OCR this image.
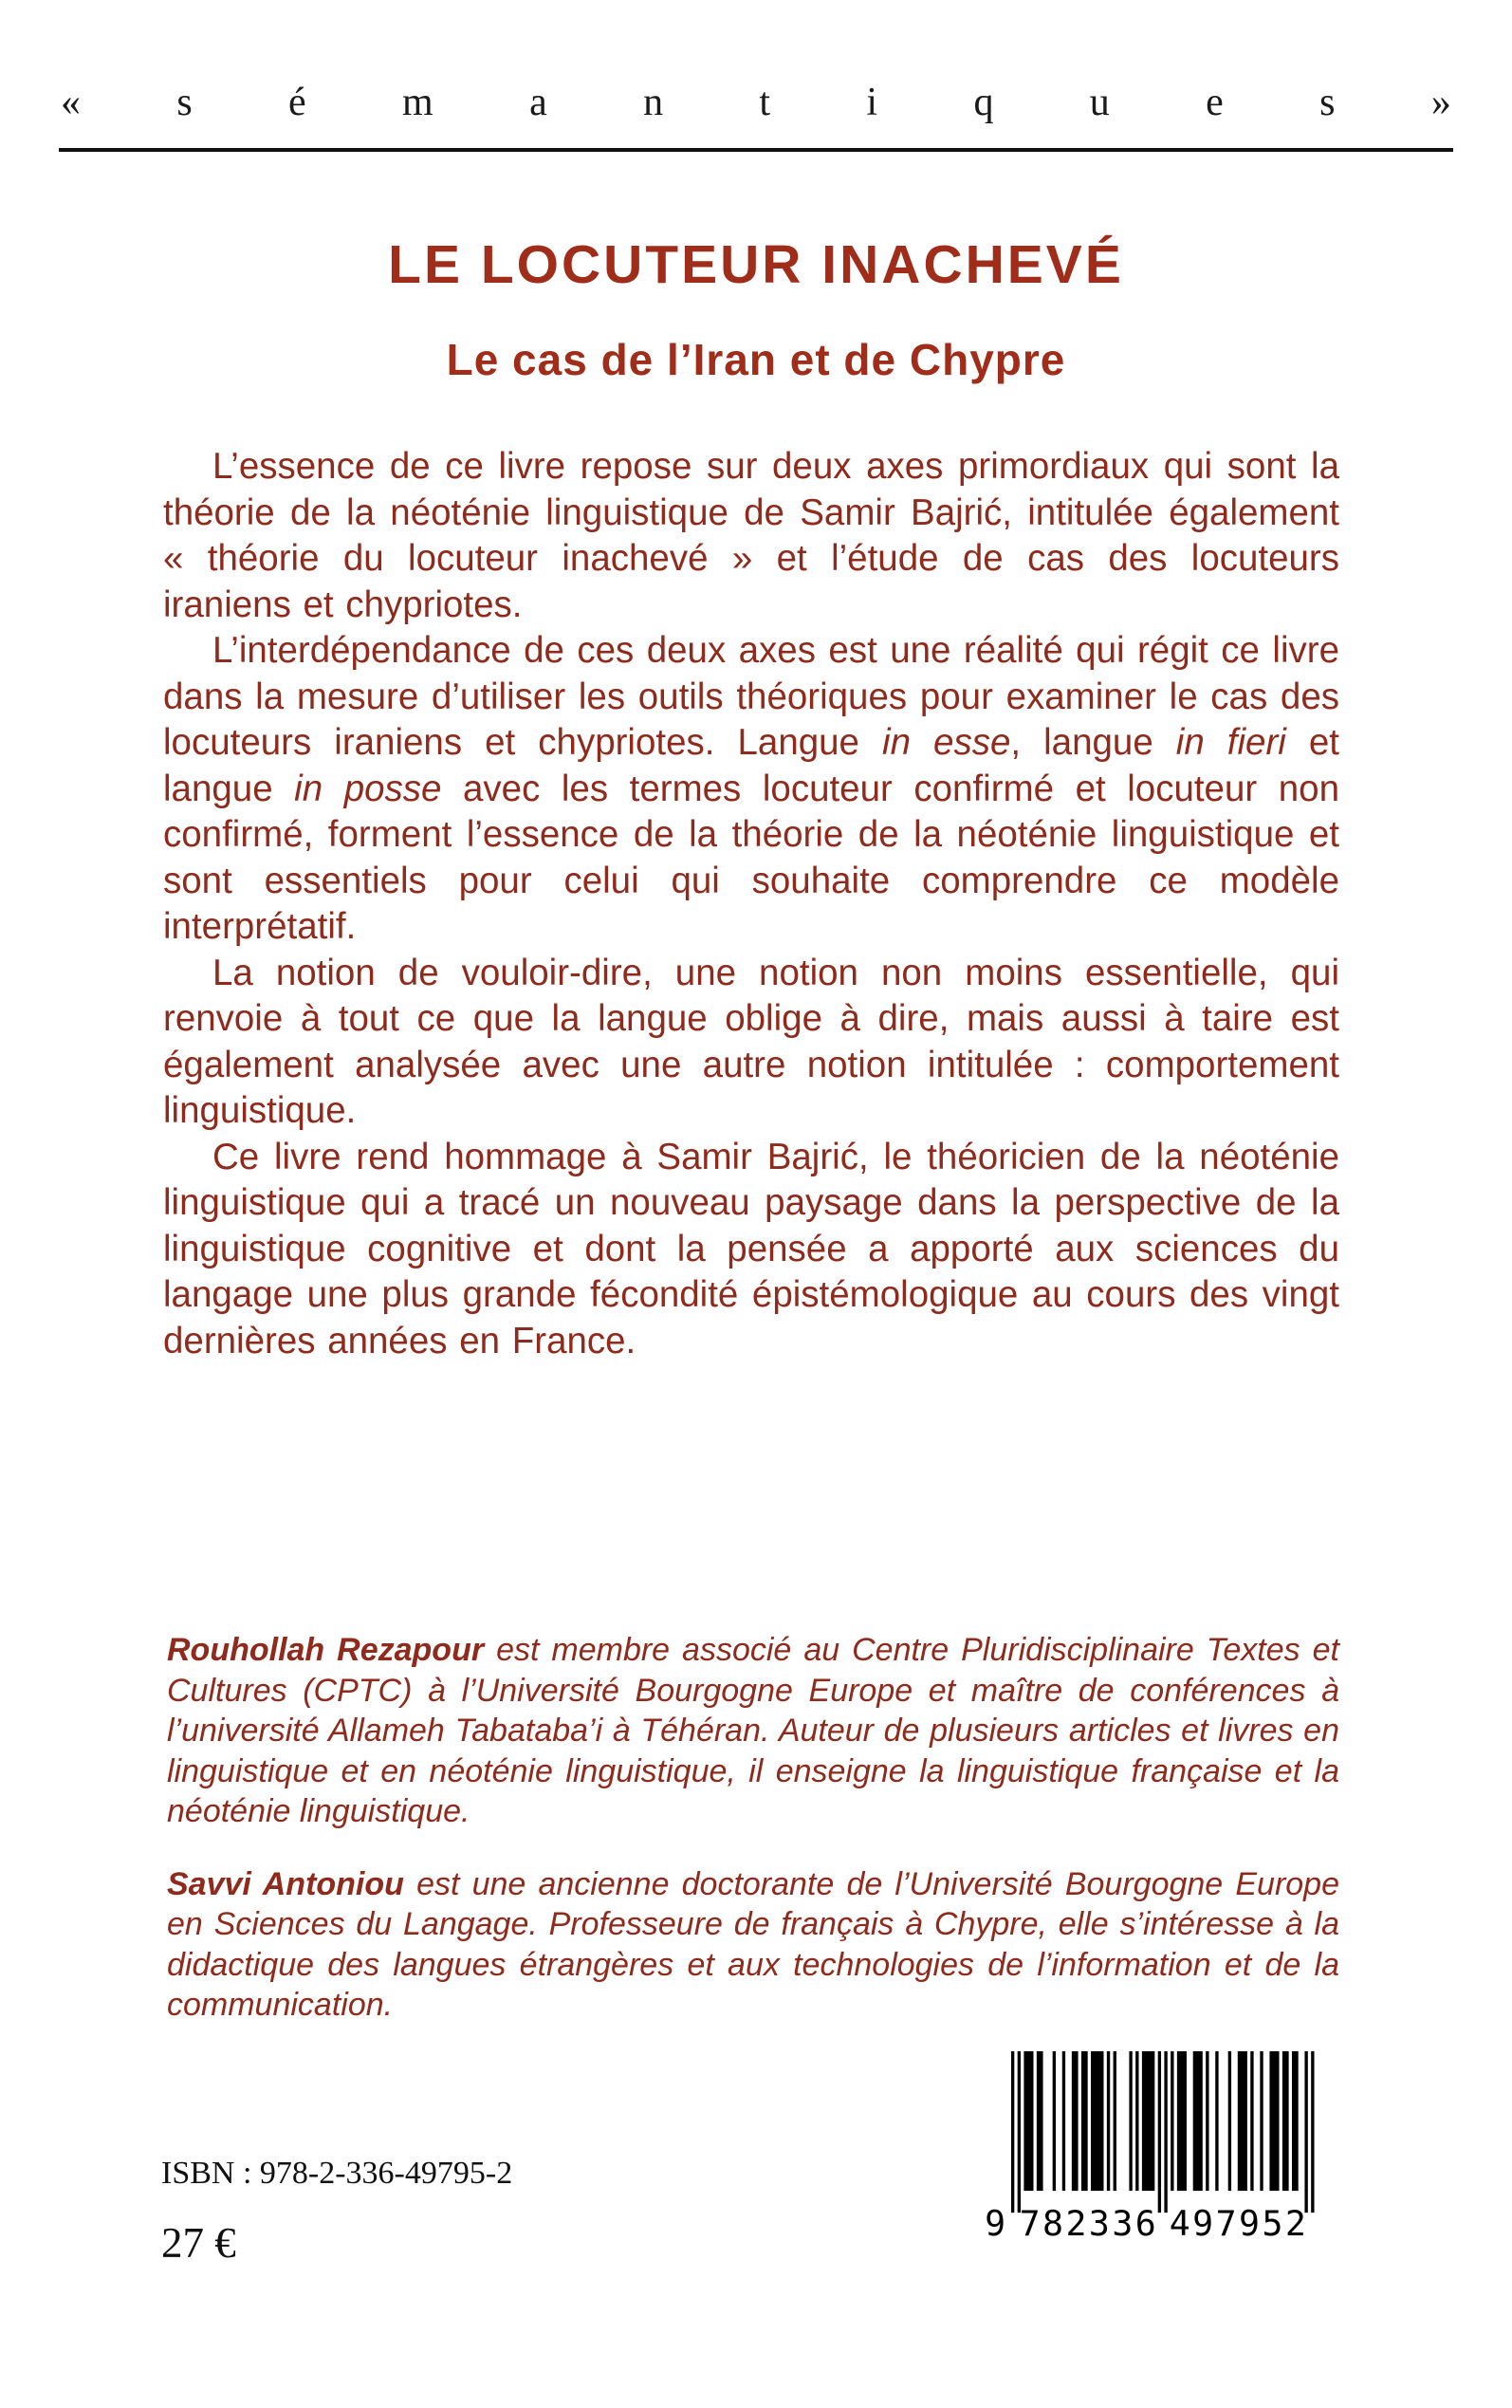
« s é m a n t i q u e s »
LE LOCUTEUR INACHEVÉ
Le cas de l’Iran et de Chypre

L’essence de ce livre repose sur deux axes primordiaux qui sont la théorie de la néoténie linguistique de Samir Bajrić, intitulée également « théorie du locuteur inachevé » et l’étude de cas des locuteurs iraniens et chypriotes.

L’interdépendance de ces deux axes est une réalité qui régit ce livre dans la mesure d’utiliser les outils théoriques pour examiner le cas des locuteurs iraniens et chypriotes. Langue in esse, langue in fieri et langue in posse avec les termes locuteur confirmé et locuteur non confirmé, forment l’essence de la théorie de la néoténie linguistique et sont essentiels pour celui qui souhaite comprendre ce modèle interprétatif.

La notion de vouloir-dire, une notion non moins essentielle, qui renvoie à tout ce que la langue oblige à dire, mais aussi à taire est également analysée avec une autre notion intitulée : comportement linguistique.

Ce livre rend hommage à Samir Bajrić, le théoricien de la néoténie linguistique qui a tracé un nouveau paysage dans la perspective de la linguistique cognitive et dont la pensée a apporté aux sciences du langage une plus grande fécondité épistémologique au cours des vingt dernières années en France.

Rouhollah Rezapour est membre associé au Centre Pluridisciplinaire Textes et Cultures (CPTC) à l’Université Bourgogne Europe et maître de conférences à l’université Allameh Tabataba’i à Téhéran. Auteur de plusieurs articles et livres en linguistique et en néoténie linguistique, il enseigne la linguistique française et la néoténie linguistique.

Savvi Antoniou est une ancienne doctorante de l’Université Bourgogne Europe en Sciences du Langage. Professeure de français à Chypre, elle s’intéresse à la didactique des langues étrangères et aux technologies de l’information et de la communication.

ISBN : 978-2-336-49795-2
27 €	9 782336 497952
